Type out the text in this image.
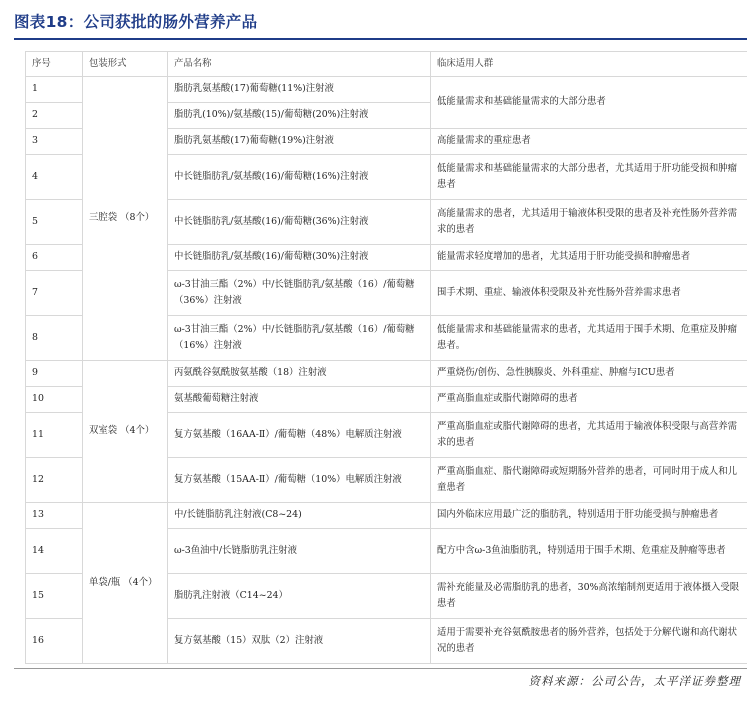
图表18：公司获批的肠外营养产品
序号	包装形式	产品名称	临床适用人群
1	三腔袋 （8个）	脂肪乳氨基酸(17)葡萄糖(11%)注射液	低能量需求和基础能量需求的大部分患者
2		脂肪乳(10%)/氨基酸(15)/葡萄糖(20%)注射液	
3		脂肪乳氨基酸(17)葡萄糖(19%)注射液	高能量需求的重症患者
4		中长链脂肪乳/氨基酸(16)/葡萄糖(16%)注射液	低能量需求和基础能量需求的大部分患者，尤其适用于肝功能受损和肿瘤患者
5		中长链脂肪乳/氨基酸(16)/葡萄糖(36%)注射液	高能量需求的患者，尤其适用于输液体积受限的患者及补充性肠外营养需求的患者
6		中长链脂肪乳/氨基酸(16)/葡萄糖(30%)注射液	能量需求轻度增加的患者，尤其适用于肝功能受损和肿瘤患者
7		ω-3甘油三酯（2%）中/长链脂肪乳/氨基酸（16）/葡萄糖（36%）注射液	围手术期、重症、输液体积受限及补充性肠外营养需求患者
8		ω-3甘油三酯（2%）中/长链脂肪乳/氨基酸（16）/葡萄糖（16%）注射液	低能量需求和基础能量需求的患者，尤其适用于围手术期、危重症及肿瘤患者。
9	双室袋 （4个）	丙氨酰谷氨酰胺氨基酸（18）注射液	严重烧伤/创伤、急性胰腺炎、外科重症、肿瘤与ICU患者
10		氨基酸葡萄糖注射液	严重高脂血症或脂代谢障碍的患者
11		复方氨基酸（16AA-Ⅱ）/葡萄糖（48%）电解质注射液	严重高脂血症或脂代谢障碍的患者，尤其适用于输液体积受限与高营养需求的患者
12		复方氨基酸（15AA-Ⅱ）/葡萄糖（10%）电解质注射液	严重高脂血症、脂代谢障碍或短期肠外营养的患者，可同时用于成人和儿童患者
13	单袋/瓶 （4个）	中/长链脂肪乳注射液(C8~24)	国内外临床应用最广泛的脂肪乳，特别适用于肝功能受损与肿瘤患者
14		ω-3鱼油中/长链脂肪乳注射液	配方中含ω-3鱼油脂肪乳，特别适用于围手术期、危重症及肿瘤等患者
15		脂肪乳注射液（C14~24）	需补充能量及必需脂肪乳的患者，30%高浓缩制剂更适用于液体摄入受限患者
16		复方氨基酸（15）双肽（2）注射液	适用于需要补充谷氨酰胺患者的肠外营养，包括处于分解代谢和高代谢状况的患者
资料来源：公司公告，太平洋证券整理
